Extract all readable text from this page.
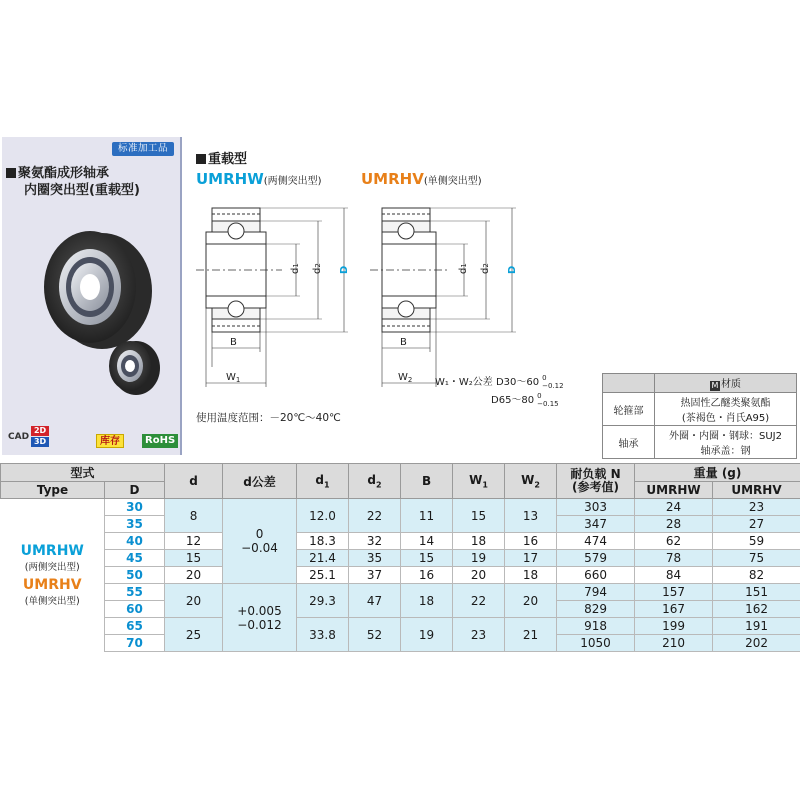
标准加工品
聚氨酯成形轴承
内圈突出型(重载型)
CAD
2D
3D	库存	RoHS
重载型
UMRHW(两侧突出型)	UMRHV(单侧突出型)
B
$W_1$
d1
d2
D
B
$W_2$
d1
d2
D
W₁・W₂公差 D30～60 0
−0.12
D65～80 0
−0.15
使用温度范围：－20℃～40℃
	M 材质
轮箍部	热固性乙醚类聚氨酯
(茶褐色・肖氏A95)
轴承	外圈・内圈・钢球：SUJ2
轴承盖：钢
型式		d	d公差	$d_1$	$d_2$	B	$W_1$	$W_2$	耐负载 N
(参考值)	重量 (g)	
Type	D									UMRHW	UMRHV

UMRHW
(两侧突出型)
UMRHV
(单侧突出型)	30	8	0
−0.04	12.0	22	11	15	13	303	24	23
	35								347	28	27
	40	12		18.3	32	14	18	16	474	62	59
	45	15		21.4	35	15	19	17	579	78	75
	50	20		25.1	37	16	20	18	660	84	82
	55	20	+0.005
−0.012	29.3	47	18	22	20	794	157	151
	60								829	167	162
	65	25		33.8	52	19	23	21	918	199	191
	70								1050	210	202
